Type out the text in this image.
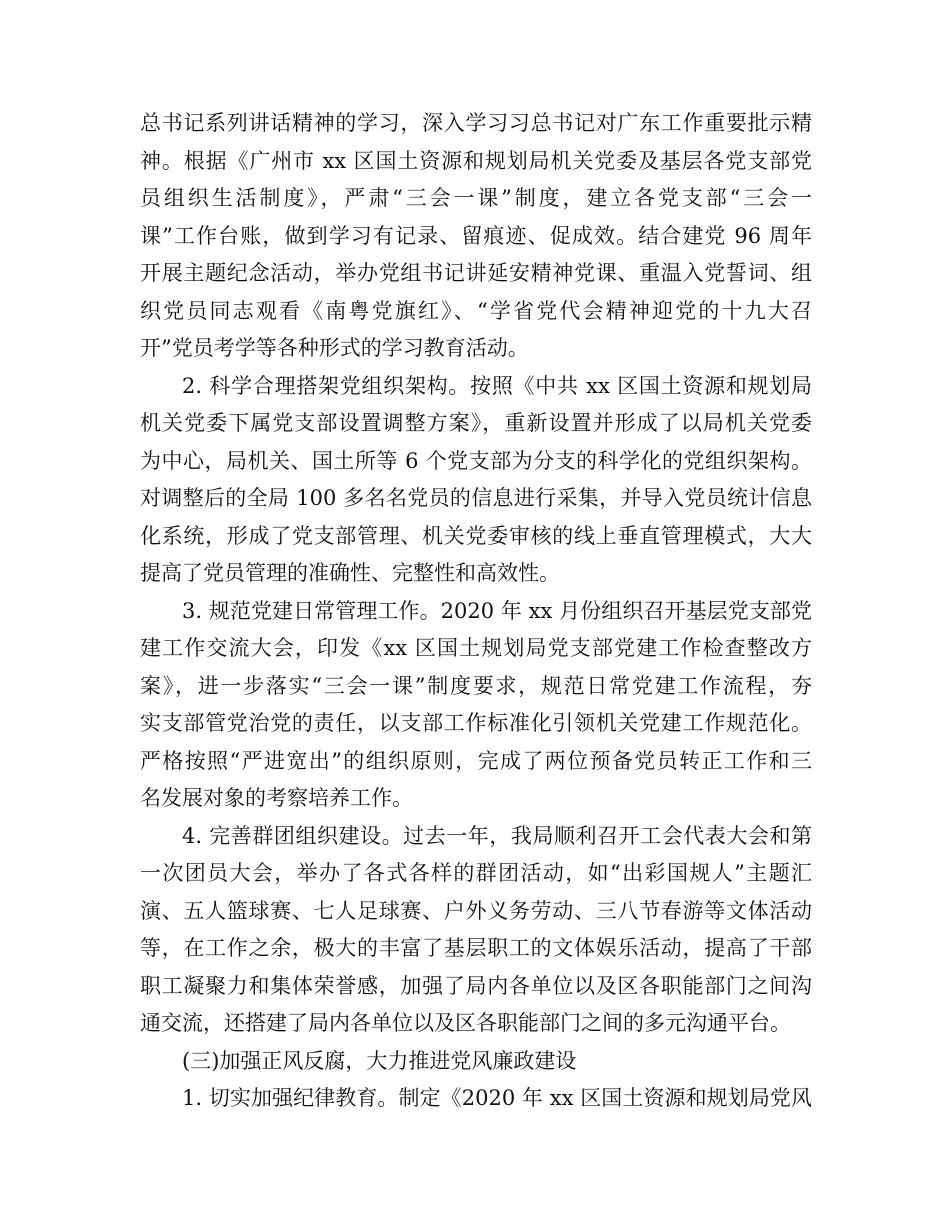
总书记系列讲话精神的学习，深入学习习总书记对广东工作重要批示精
神。根据《广州市 xx 区国土资源和规划局机关党委及基层各党支部党
员组织生活制度》，严肃“三会一课”制度，建立各党支部“三会一
课”工作台账，做到学习有记录、留痕迹、促成效。结合建党 96 周年
开展主题纪念活动，举办党组书记讲延安精神党课、重温入党誓词、组
织党员同志观看《南粤党旗红》、“学省党代会精神迎党的十九大召
开”党员考学等各种形式的学习教育活动。
2. 科学合理搭架党组织架构。按照《中共 xx 区国土资源和规划局
机关党委下属党支部设置调整方案》，重新设置并形成了以局机关党委
为中心，局机关、国土所等 6 个党支部为分支的科学化的党组织架构。
对调整后的全局 100 多名名党员的信息进行采集，并导入党员统计信息
化系统，形成了党支部管理、机关党委审核的线上垂直管理模式，大大
提高了党员管理的准确性、完整性和高效性。
3. 规范党建日常管理工作。2020 年 xx 月份组织召开基层党支部党
建工作交流大会，印发《xx 区国土规划局党支部党建工作检查整改方
案》，进一步落实“三会一课”制度要求，规范日常党建工作流程，夯
实支部管党治党的责任，以支部工作标准化引领机关党建工作规范化。
严格按照“严进宽出”的组织原则，完成了两位预备党员转正工作和三
名发展对象的考察培养工作。
4. 完善群团组织建设。过去一年，我局顺利召开工会代表大会和第
一次团员大会，举办了各式各样的群团活动，如“出彩国规人”主题汇
演、五人篮球赛、七人足球赛、户外义务劳动、三八节春游等文体活动
等，在工作之余，极大的丰富了基层职工的文体娱乐活动，提高了干部
职工凝聚力和集体荣誉感，加强了局内各单位以及区各职能部门之间沟
通交流，还搭建了局内各单位以及区各职能部门之间的多元沟通平台。
(三)加强正风反腐，大力推进党风廉政建设
1. 切实加强纪律教育。制定《2020 年 xx 区国土资源和规划局党风
